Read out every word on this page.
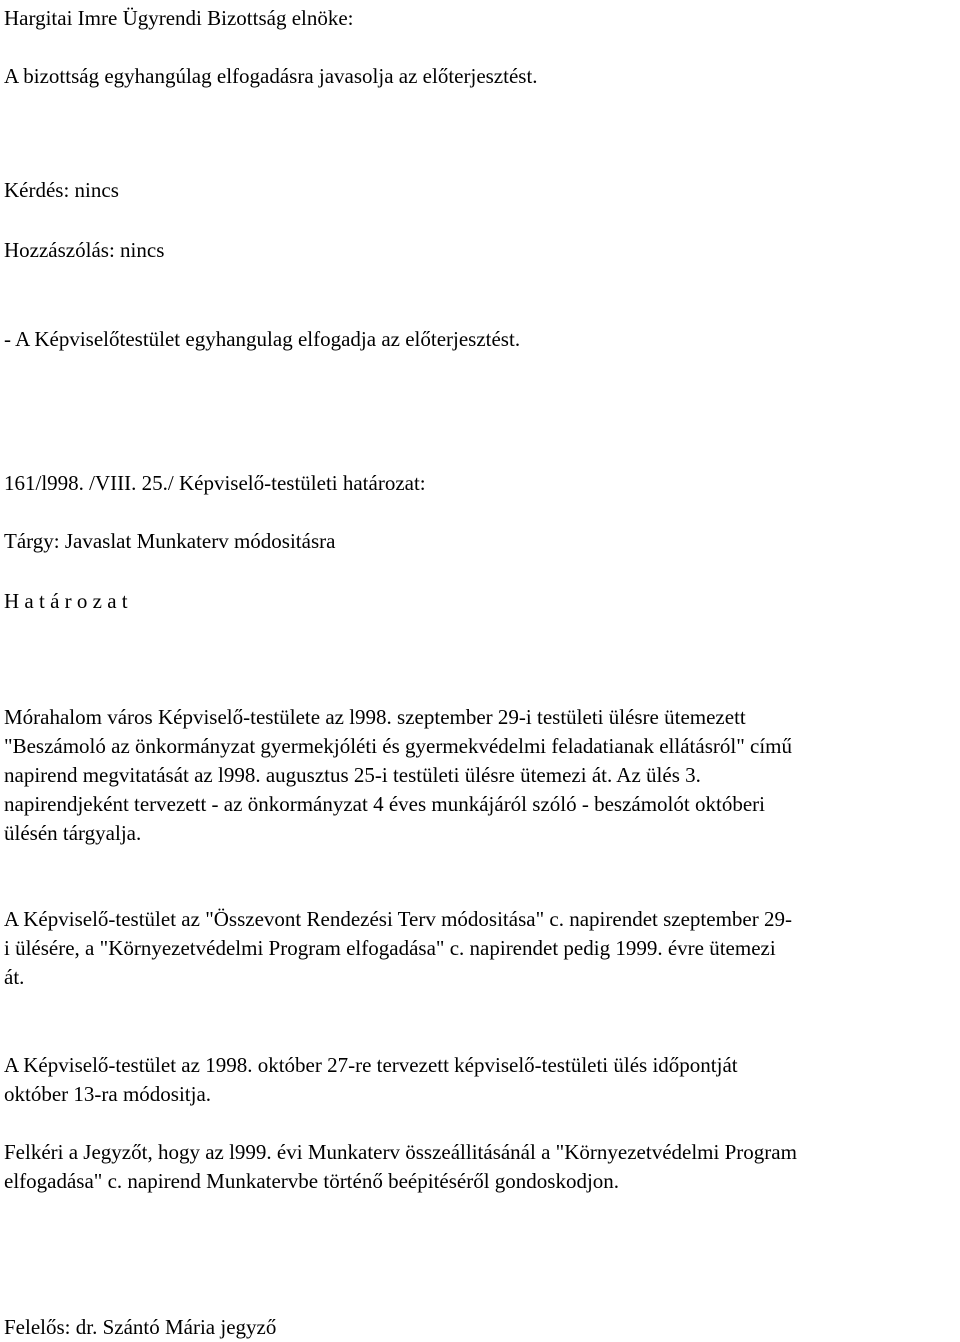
Hargitai Imre Ügyrendi Bizottság elnöke:

A bizottság egyhangúlag elfogadásra javasolja az előterjesztést.

Kérdés: nincs

Hozzászólás: nincs

- A Képviselőtestület egyhangulag elfogadja az előterjesztést.

161/l998. /VIII. 25./ Képviselő-testületi határozat:

Tárgy: Javaslat Munkaterv módositásra

H a t á r o z a t

Mórahalom város Képviselő-testülete az l998. szeptember 29-i testületi ülésre ütemezett
"Beszámoló az önkormányzat gyermekjóléti és gyermekvédelmi feladatianak ellátásról" című
napirend megvitatását az l998. augusztus 25-i testületi ülésre ütemezi át. Az ülés 3.
napirendjeként tervezett - az önkormányzat 4 éves munkájáról szóló - beszámolót októberi
ülésén tárgyalja.
A Képviselő-testület az "Összevont Rendezési Terv módositása" c. napirendet szeptember 29-
i ülésére, a "Környezetvédelmi Program elfogadása" c. napirendet pedig 1999. évre ütemezi
át.
A Képviselő-testület az 1998. október 27-re tervezett képviselő-testületi ülés időpontját
október 13-ra módositja.
Felkéri a Jegyzőt, hogy az l999. évi Munkaterv összeállitásánál a "Környezetvédelmi Program
elfogadása" c. napirend Munkatervbe történő beépitéséről gondoskodjon.

Felelős: dr. Szántó Mária jegyző
